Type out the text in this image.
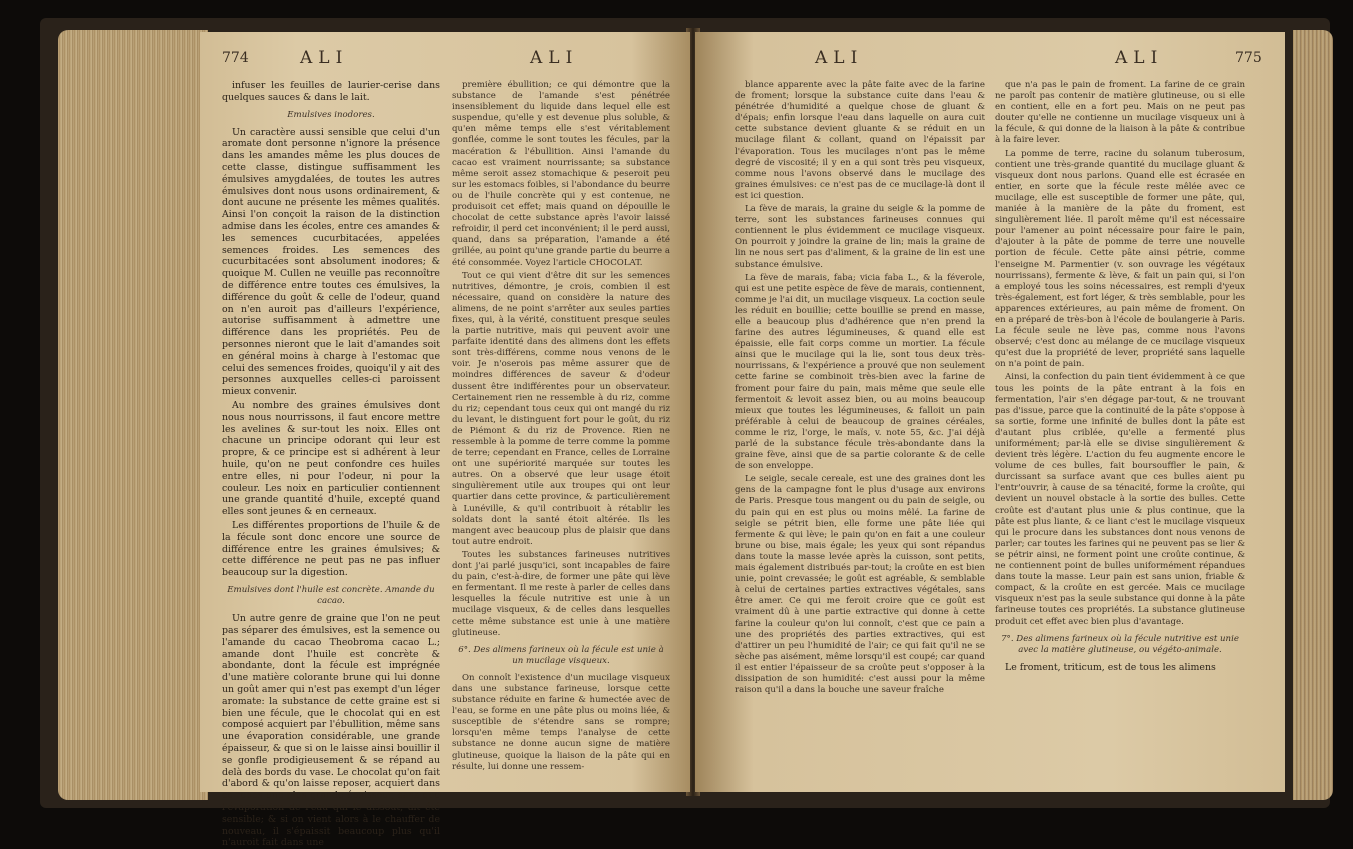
774	ALI	ALI

infuser les feuilles de laurier-cerise dans quelques sauces & dans le lait.

Emulsives inodores.

Un caractère aussi sensible que celui d'un aromate dont personne n'ignore la présence dans les amandes même les plus douces de cette classe, distingue suffisamment les émulsives amygdalées, de toutes les autres émulsives dont nous usons ordinairement, & dont aucune ne présente les mêmes qualités. Ainsi l'on conçoit la raison de la distinction admise dans les écoles, entre ces amandes & les semences cucurbitacées, appelées semences froides. Les semences des cucurbitacées sont absolument inodores; & quoique M. Cullen ne veuille pas reconnoître de différence entre toutes ces émulsives, la différence du goût & celle de l'odeur, quand on n'en auroit pas d'ailleurs l'expérience, autorise suffisamment à admettre une différence dans les propriétés. Peu de personnes nieront que le lait d'amandes soit en général moins à charge à l'estomac que celui des semences froides, quoiqu'il y ait des personnes auxquelles celles-ci paroissent mieux convenir.

Au nombre des graines émulsives dont nous nous nourrissons, il faut encore mettre les avelines & sur-tout les noix. Elles ont chacune un principe odorant qui leur est propre, & ce principe est si adhérent à leur huile, qu'on ne peut confondre ces huiles entre elles, ni pour l'odeur, ni pour la couleur. Les noix en particulier contiennent une grande quantité d'huile, excepté quand elles sont jeunes & en cerneaux.

Les différentes proportions de l'huile & de la fécule sont donc encore une source de différence entre les graines émulsives; & cette différence ne peut pas ne pas influer beaucoup sur la digestion.

Emulsives dont l'huile est concrète. Amande du cacao.

Un autre genre de graine que l'on ne peut pas séparer des émulsives, est la semence ou l'amande du cacao Theobroma cacao L.; amande dont l'huile est concrète & abondante, dont la fécule est imprégnée d'une matière colorante brune qui lui donne un goût amer qui n'est pas exempt d'un léger aromate: la substance de cette graine est si bien une fécule, que le chocolat qui en est composé acquiert par l'ébullition, même sans une évaporation considérable, une grande épaisseur, & que si on le laisse ainsi bouillir il se gonfle prodigieusement & se répand au delà des bords du vase. Le chocolat qu'on fait d'abord & qu'on laisse reposer, acquiert dans ce repos une plus grande épaisseur, sans que l'évaporation de l'eau qui le dissout, ait été sensible; & si on vient alors à le chauffer de nouveau, il s'épaissit beaucoup plus qu'il n'auroit fait dans une

première ébullition; ce qui démontre que la substance de l'amande s'est pénétrée insensiblement du liquide dans lequel elle est suspendue, qu'elle y est devenue plus soluble, & qu'en même temps elle s'est véritablement gonflée, comme le sont toutes les fécules, par la macération & l'ébullition. Ainsi l'amande du cacao est vraiment nourrissante; sa substance même seroit assez stomachique & peseroit peu sur les estomacs foibles, si l'abondance du beurre ou de l'huile concrète qui y est contenue, ne produisoit cet effet; mais quand on dépouille le chocolat de cette substance après l'avoir laissé refroidir, il perd cet inconvénient; il le perd aussi, quand, dans sa préparation, l'amande a été grillée, au point qu'une grande partie du beurre a été consommée. Voyez l'article CHOCOLAT.

Tout ce qui vient d'être dit sur les semences nutritives, démontre, je crois, combien il est nécessaire, quand on considère la nature des alimens, de ne point s'arrêter aux seules parties fixes, qui, à la vérité, constituent presque seules la partie nutritive, mais qui peuvent avoir une parfaite identité dans des alimens dont les effets sont très-différens, comme nous venons de le voir. Je n'oserois pas même assurer que de moindres différences de saveur & d'odeur dussent être indifférentes pour un observateur. Certainement rien ne ressemble à du riz, comme du riz; cependant tous ceux qui ont mangé du riz du levant, le distinguent fort pour le goût, du riz de Piémont & du riz de Provence. Rien ne ressemble à la pomme de terre comme la pomme de terre; cependant en France, celles de Lorraine ont une supériorité marquée sur toutes les autres. On a observé que leur usage étoit singulièrement utile aux troupes qui ont leur quartier dans cette province, & particulièrement à Lunéville, & qu'il contribuoit à rétablir les soldats dont la santé étoit altérée. Ils les mangent avec beaucoup plus de plaisir que dans tout autre endroit.

Toutes les substances farineuses nutritives dont j'ai parlé jusqu'ici, sont incapables de faire du pain, c'est-à-dire, de former une pâte qui lève en fermentant. Il me reste à parler de celles dans lesquelles la fécule nutritive est unie à un mucilage visqueux, & de celles dans lesquelles cette même substance est unie à une matière glutineuse.

6°. Des alimens farineux où la fécule est unie à un mucilage visqueux.

On connoît l'existence d'un mucilage visqueux dans une substance farineuse, lorsque cette substance réduite en farine & humectée avec de l'eau, se forme en une pâte plus ou moins liée, & susceptible de s'étendre sans se rompre; lorsqu'en même temps l'analyse de cette substance ne donne aucun signe de matière glutineuse, quoique la liaison de la pâte qui en résulte, lui donne une ressem-

ALI	ALI	775

blance apparente avec la pâte faite avec de la farine de froment; lorsque la substance cuite dans l'eau & pénétrée d'humidité a quelque chose de gluant & d'épais; enfin lorsque l'eau dans laquelle on aura cuit cette substance devient gluante & se réduit en un mucilage filant & collant, quand on l'épaissit par l'évaporation. Tous les mucilages n'ont pas le même degré de viscosité; il y en a qui sont très peu visqueux, comme nous l'avons observé dans le mucilage des graines émulsives: ce n'est pas de ce mucilage-là dont il est ici question.

La fève de marais, la graine du seigle & la pomme de terre, sont les substances farineuses connues qui contiennent le plus évidemment ce mucilage visqueux. On pourroit y joindre la graine de lin; mais la graine de lin ne nous sert pas d'aliment, & la graine de lin est une substance émulsive.

La fève de marais, faba; vicia faba L., & la féverole, qui est une petite espèce de fève de marais, contiennent, comme je l'ai dit, un mucilage visqueux. La coction seule les réduit en bouillie; cette bouillie se prend en masse, elle a beaucoup plus d'adhérence que n'en prend la farine des autres légumineuses, & quand elle est épaissie, elle fait corps comme un mortier. La fécule ainsi que le mucilage qui la lie, sont tous deux très-nourrissans, & l'expérience a prouvé que non seulement cette farine se combinoit très-bien avec la farine de froment pour faire du pain, mais même que seule elle fermentoit & levoit assez bien, ou au moins beaucoup mieux que toutes les légumineuses, & falloit un pain préférable à celui de beaucoup de graines céréales, comme le riz, l'orge, le maïs, v. note 55, &c. J'ai déjà parlé de la substance fécule très-abondante dans la graine fève, ainsi que de sa partie colorante & de celle de son enveloppe.

Le seigle, secale cereale, est une des graines dont les gens de la campagne font le plus d'usage aux environs de Paris. Presque tous mangent ou du pain de seigle, ou du pain qui en est plus ou moins mêlé. La farine de seigle se pétrit bien, elle forme une pâte liée qui fermente & qui lève; le pain qu'on en fait a une couleur brune ou bise, mais égale; les yeux qui sont répandus dans toute la masse levée après la cuisson, sont petits, mais également distribués par-tout; la croûte en est bien unie, point crevassée; le goût est agréable, & semblable à celui de certaines parties extractives végétales, sans être amer. Ce qui me feroit croire que ce goût est vraiment dû à une partie extractive qui donne à cette farine la couleur qu'on lui connoît, c'est que ce pain a une des propriétés des parties extractives, qui est d'attirer un peu l'humidité de l'air; ce qui fait qu'il ne se sèche pas aisément, même lorsqu'il est coupé; car quand il est entier l'épaisseur de sa croûte peut s'opposer à la dissipation de son humidité: c'est aussi pour la même raison qu'il a dans la bouche une saveur fraîche

que n'a pas le pain de froment. La farine de ce grain ne paroît pas contenir de matière glutineuse, ou si elle en contient, elle en a fort peu. Mais on ne peut pas douter qu'elle ne contienne un mucilage visqueux uni à la fécule, & qui donne de la liaison à la pâte & contribue à la faire lever.

La pomme de terre, racine du solanum tuberosum, contient une très-grande quantité du mucilage gluant & visqueux dont nous parlons. Quand elle est écrasée en entier, en sorte que la fécule reste mêlée avec ce mucilage, elle est susceptible de former une pâte, qui, maniée à la manière de la pâte du froment, est singulièrement liée. Il paroît même qu'il est nécessaire pour l'amener au point nécessaire pour faire le pain, d'ajouter à la pâte de pomme de terre une nouvelle portion de fécule. Cette pâte ainsi pétrie, comme l'enseigne M. Parmentier (v. son ouvrage les végétaux nourrissans), fermente & lève, & fait un pain qui, si l'on a employé tous les soins nécessaires, est rempli d'yeux très-également, est fort léger, & très semblable, pour les apparences extérieures, au pain même de froment. On en a préparé de très-bon à l'école de boulangerie à Paris. La fécule seule ne lève pas, comme nous l'avons observé; c'est donc au mélange de ce mucilage visqueux qu'est due la propriété de lever, propriété sans laquelle on n'a point de pain.

Ainsi, la confection du pain tient évidemment à ce que tous les points de la pâte entrant à la fois en fermentation, l'air s'en dégage par-tout, & ne trouvant pas d'issue, parce que la continuité de la pâte s'oppose à sa sortie, forme une infinité de bulles dont la pâte est d'autant plus criblée, qu'elle a fermenté plus uniformément; par-là elle se divise singulièrement & devient très légère. L'action du feu augmente encore le volume de ces bulles, fait boursouffler le pain, & durcissant sa surface avant que ces bulles aient pu l'entr'ouvrir, à cause de sa ténacité, forme la croûte, qui devient un nouvel obstacle à la sortie des bulles. Cette croûte est d'autant plus unie & plus continue, que la pâte est plus liante, & ce liant c'est le mucilage visqueux qui le procure dans les substances dont nous venons de parler; car toutes les farines qui ne peuvent pas se lier & se pétrir ainsi, ne forment point une croûte continue, & ne contiennent point de bulles uniformément répandues dans toute la masse. Leur pain est sans union, friable & compact, & la croûte en est gercée. Mais ce mucilage visqueux n'est pas la seule substance qui donne à la pâte farineuse toutes ces propriétés. La substance glutineuse produit cet effet avec bien plus d'avantage.

7°. Des alimens farineux où la fécule nutritive est unie avec la matière glutineuse, ou végéto-animale.

Le froment, triticum, est de tous les alimens
